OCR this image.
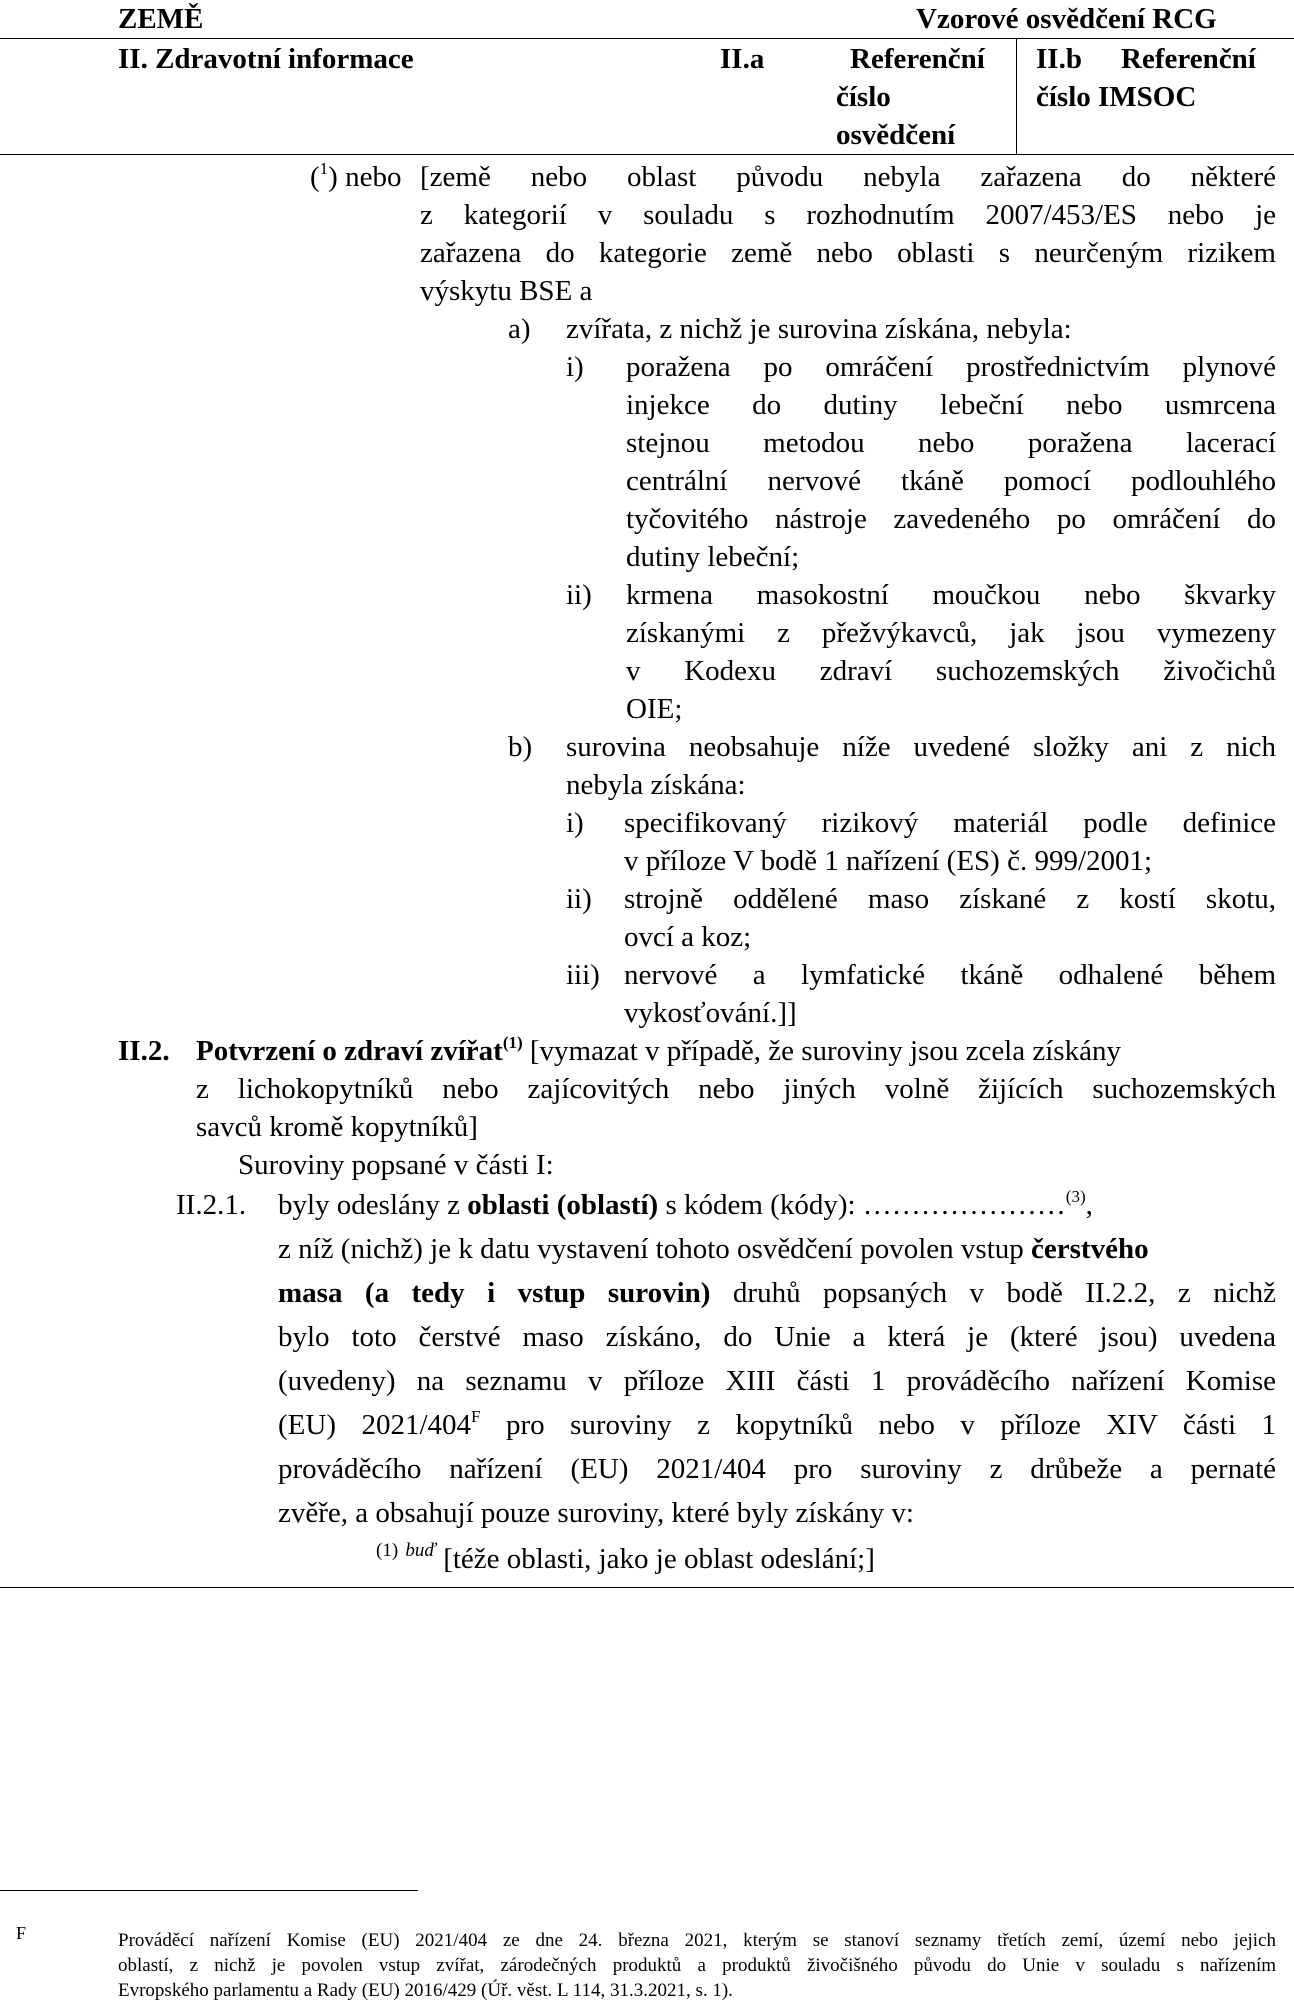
ZEMĚ	Vzorové osvědčení RCG
II. Zdravotní informace	II.a	Referenční
číslo
osvědčení
II.b Referenční
číslo IMSOC
($^1$) nebo [země nebo oblast původu nebyla zařazena do některé
z kategorií v souladu s rozhodnutím 2007/453/ES nebo je
zařazena do kategorie země nebo oblasti s neurčeným rizikem
výskytu BSE a
a) zvířata, z nichž je surovina získána, nebyla:
i) poražena po omráčení prostřednictvím plynové
injekce do dutiny lebeční nebo usmrcena
stejnou metodou nebo poražena lacerací
centrální nervové tkáně pomocí podlouhlého
tyčovitého nástroje zavedeného po omráčení do
dutiny lebeční;
ii) krmena masokostní moučkou nebo škvarky
získanými z přežvýkavců, jak jsou vymezeny
v Kodexu zdraví suchozemských živočichů
OIE;
b) surovina neobsahuje níže uvedené složky ani z nich
nebyla získána:
i) specifikovaný rizikový materiál podle definice
v příloze V bodě 1 nařízení (ES) č. 999/2001;
ii) strojně oddělené maso získané z kostí skotu,
ovcí a koz;
iii) nervové a lymfatické tkáně odhalené během
vykosťování.]]
II.2. Potvrzení o zdraví zvířat$^{(1)}$ [vymazat v případě, že suroviny jsou zcela získány
z lichokopytníků nebo zajícovitých nebo jiných volně žijících suchozemských
savců kromě kopytníků]
Suroviny popsané v části I:
II.2.1. byly odeslány z oblasti (oblastí) s kódem (kódy): …………………$^{(3)}$,
z níž (nichž) je k datu vystavení tohoto osvědčení povolen vstup čerstvého
masa (a tedy i vstup surovin) druhů popsaných v bodě II.2.2, z nichž
bylo toto čerstvé maso získáno, do Unie a která je (které jsou) uvedena
(uvedeny) na seznamu v příloze XIII části 1 prováděcího nařízení Komise
(EU) $2021/404^F$ pro suroviny z kopytníků nebo v příloze XIV části 1
prováděcího nařízení (EU) 2021/404 pro suroviny z drůbeže a pernaté
zvěře, a obsahují pouze suroviny, které byly získány v:
$^{(1)}$ $^{buď}$ [téže oblasti, jako je oblast odeslání;]
F	Prováděcí nařízení Komise (EU) 2021/404 ze dne 24. března 2021, kterým se stanoví seznamy třetích zemí, území nebo jejich
oblastí, z nichž je povolen vstup zvířat, zárodečných produktů a produktů živočišného původu do Unie v souladu s nařízením
Evropského parlamentu a Rady (EU) 2016/429 (Úř. věst. L 114, 31.3.2021, s. 1).
